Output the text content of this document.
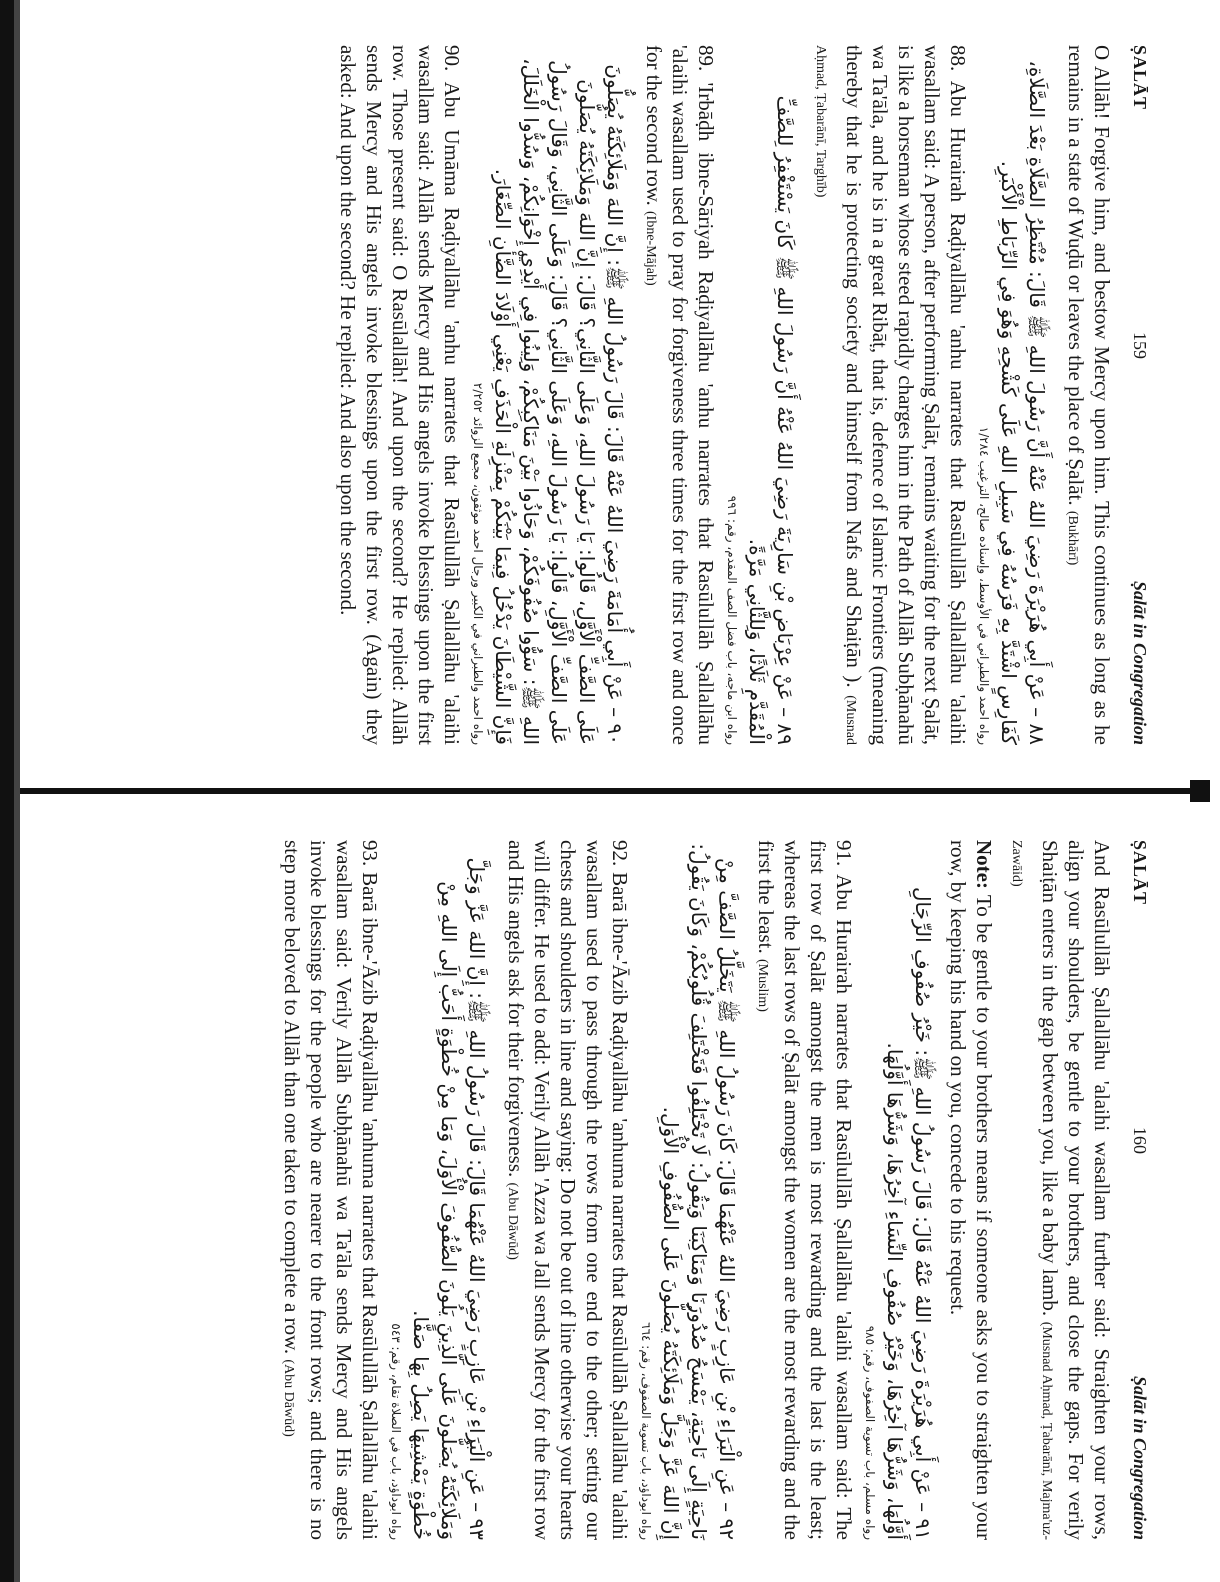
ṢALĀT
159
Ṣalāt in Congregation

O Allāh! Forgive him, and bestow Mercy upon him. This continues as long as he remains in a state of Wuḍū or leaves the place of Ṣalāt. (Bukhārī)

٨٨ – عَنْ أَبِي هُرَيْرَةَ رَضِيَ اللهُ عَنْهُ أَنَّ رَسُولَ اللهِ ﷺ قَالَ: مُنْتَظِرُ الصَّلَاةِ بَعْدَ الصَّلَاةِ، كَفَارِسٍ اشْتَدَّ بِهِ فَرَسُهُ فِي سَبِيلِ اللهِ عَلَى كَشْحِهِ وَهُوَ فِي الرِّبَاطِ الْأَكْبَرِ.
رواه احمد والطبراني في الأوسط، وإسناده صالح، الترغيب ١/٢٨٤

88. Abu Hurairah Raḍiyallāhu 'anhu narrates that Rasūlullāh Ṣallallāhu 'alaihi wasallam said: A person, after performing Ṣalāt, remains waiting for the next Ṣalāt, is like a horseman whose steed rapidly charges him in the Path of Allāh Subḥānahū wa Ta'āla, and he is in a great Ribāṭ, that is, defence of Islamic Frontiers (meaning thereby that he is protecting society and himself from Nafs and Shaiṭān ). (Musnad Aḥmad, Ṭabarānī, Targhīb)

٨٩ – عَنْ عِرْبَاضِ بْنِ سَارِيَةَ رَضِيَ اللهُ عَنْهُ أَنَّ رَسُولَ اللهِ ﷺ كَانَ يَسْتَغْفِرُ لِلصَّفِّ الْمُقَدَّمِ ثَلَاثًا، وَلِلثَّانِي مَرَّةً.
رواه ابن ماجه، باب فضل الصف المقدم، رقم: ٩٩٦

89. 'Irbāḍh ibne-Sāriyah Raḍiyallāhu 'anhu narrates that Rasūlullāh Ṣallallāhu 'alaihi wasallam used to pray for forgiveness three times for the first row and once for the second row. (Ibne-Mājah)

٩٠ – عَنْ أَبِي أُمَامَةَ رَضِيَ اللهُ عَنْهُ قَالَ: قَالَ رَسُولُ اللهِ ﷺ: إِنَّ اللهَ وَمَلَائِكَتَهُ يُصَلُّونَ عَلَى الصَّفِّ الْأَوَّلِ، قَالُوا: يَا رَسُولَ اللهِ، وَعَلَى الثَّانِي؟ قَالَ: إِنَّ اللهَ وَمَلَائِكَتَهُ يُصَلُّونَ عَلَى الصَّفِّ الْأَوَّلِ، قَالُوا: يَا رَسُولَ اللهِ، وَعَلَى الثَّانِي؟ قَالَ: وَعَلَى الثَّانِي، وَقَالَ رَسُولُ اللهِ ﷺ: سَوُّوا صُفُوفَكُمْ، وَحَاذُوا بَيْنَ مَنَاكِبِكُمْ، وَلِينُوا فِي أَيْدِي إِخْوَانِكُمْ، وَسُدُّوا الْخَلَلَ، فَإِنَّ الشَّيْطَانَ يَدْخُلُ فِيمَا بَيْنَكُمْ بِمَنْزِلَةِ الْحَذَفِ يَعْنِي أَوْلَادَ الضَّأْنِ الصِّغَارَ.
رواه احمد والطبراني في الكبير ورجال احمد موثقون، مجمع الزوائد ٢/٢٥٢

90. Abu Umāma Raḍiyallāhu 'anhu narrates that Rasūlullāh Ṣallallāhu 'alaihi wasallam said: Allāh sends Mercy and His angels invoke blessings upon the first row. Those present said: O Rasūlallāh! And upon the second? He replied: Allāh sends Mercy and His angels invoke blessings upon the first row. (Again) they asked: And upon the second? He replied: And also upon the second.

ṢALĀT
160
Ṣalāt in Congregation

And Rasūlullāh Ṣallallāhu 'alaihi wasallam further said: Straighten your rows, align your shoulders, be gentle to your brothers, and close the gaps. For verily Shaiṭān enters in the gap between you, like a baby lamb. (Musnad Aḥmad, Ṭabarānī, Majma'uz-Zawāid)

Note: To be gentle to your brothers means if someone asks you to straighten your row, by keeping his hand on you, concede to his request.

٩١ – عَنْ أَبِي هُرَيْرَةَ رَضِيَ اللهُ عَنْهُ قَالَ: قَالَ رَسُولُ اللهِ ﷺ: خَيْرُ صُفُوفِ الرِّجَالِ أَوَّلُهَا، وَشَرُّهَا آخِرُهَا، وَخَيْرُ صُفُوفِ النِّسَاءِ آخِرُهَا، وَشَرُّهَا أَوَّلُهَا.
رواه مسلم، باب تسوية الصفوف، رقم: ٩٨٥

91. Abu Hurairah narrates that Rasūlullāh Ṣallallāhu 'alaihi wasallam said: The first row of Ṣalāt amongst the men is most rewarding and the last is the least; whereas the last rows of Ṣalāt amongst the women are the most rewarding and the first the least. (Muslim)

٩٢ – عَنِ الْبَرَاءِ بْنِ عَازِبٍ رَضِيَ اللهُ عَنْهُمَا قَالَ: كَانَ رَسُولُ اللهِ ﷺ يَتَخَلَّلُ الصَّفَّ مِنْ نَاحِيَةٍ إِلَى نَاحِيَةٍ، يَمْسَحُ صُدُورَنَا وَمَنَاكِبَنَا وَيَقُولُ: لَا تَخْتَلِفُوا فَتَخْتَلِفَ قُلُوبُكُمْ، وَكَانَ يَقُولُ: إِنَّ اللهَ عَزَّ وَجَلَّ وَمَلَائِكَتَهُ يُصَلُّونَ عَلَى الصُّفُوفِ الْأُوَلِ.
رواه ابوداؤد، باب تسوية الصفوف، رقم: ٦٦٤

92. Barā ibne-'Āzib Raḍiyallāhu 'anhuma narrates that Rasūlullāh Ṣallallāhu 'alaihi wasallam used to pass through the rows from one end to the other; setting our chests and shoulders in line and saying: Do not be out of line otherwise your hearts will differ. He used to add: Verily Allāh 'Azza wa Jall sends Mercy for the first row and His angels ask for their forgiveness. (Abu Dāwūd)

٩٣ – عَنِ الْبَرَاءِ بْنِ عَازِبٍ رَضِيَ اللهُ عَنْهُمَا قَالَ: قَالَ رَسُولُ اللهِ ﷺ: إِنَّ اللهَ عَزَّ وَجَلَّ وَمَلَائِكَتَهُ يُصَلُّونَ عَلَى الَّذِينَ يَلُونَ الصُّفُوفَ الْأُوَلَ، وَمَا مِنْ خُطْوَةٍ أَحَبُّ إِلَى اللهِ مِنْ خُطْوَةٍ يَمْشِيهَا يَصِلُ بِهَا صَفًّا.
رواه ابوداؤد، باب في الصلاة تقام، رقم: ٥٤٣

93. Barā ibne-'Āzib Raḍiyallāhu 'anhuma narrates that Rasūlullāh Ṣallallāhu 'alaihi wasallam said: Verily Allāh Subḥānahū wa Ta'āla sends Mercy and His angels invoke blessings for the people who are nearer to the front rows; and there is no step more beloved to Allāh than one taken to complete a row. (Abu Dāwūd)
